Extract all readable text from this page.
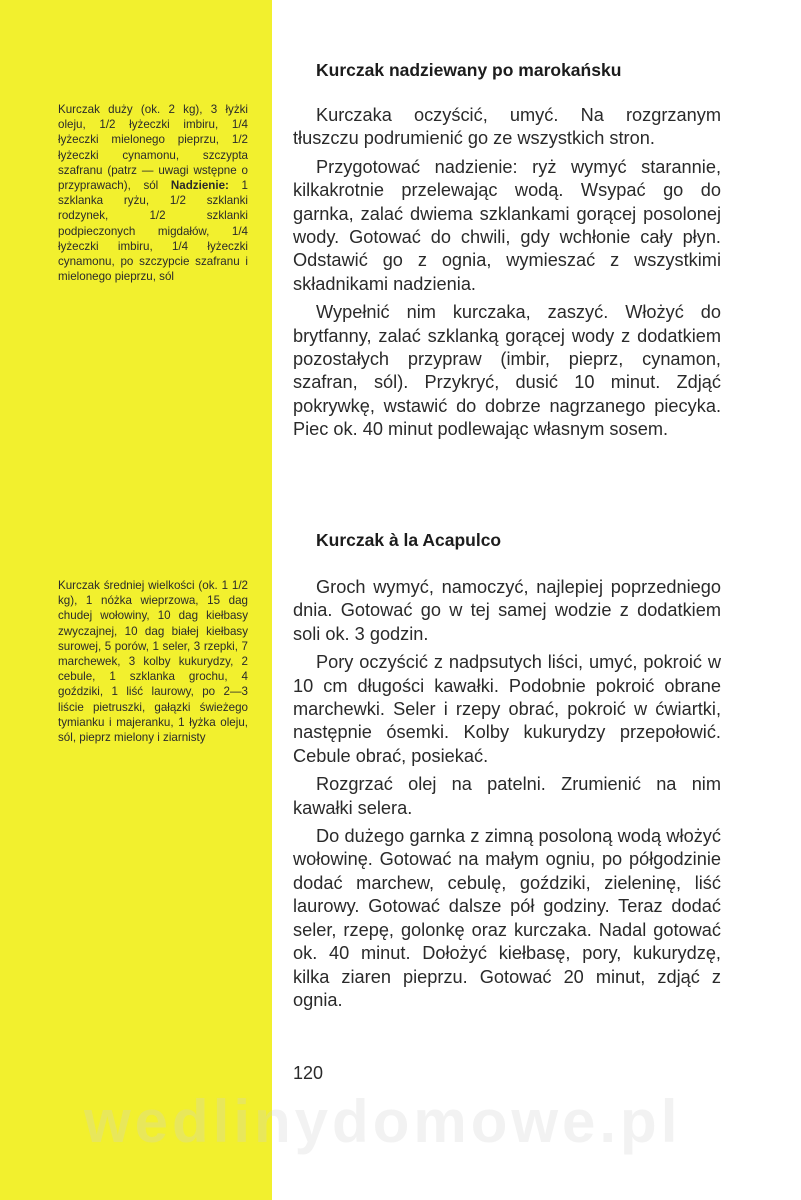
Kurczak duży (ok. 2 kg), 3 łyżki oleju, 1/2 łyżeczki imbiru, 1/4 łyżeczki mielonego pieprzu, 1/2 łyżeczki cynamonu, szczypta szafranu (patrz — uwagi wstępne o przyprawach), sól Nadzienie: 1 szklanka ryżu, 1/2 szklanki rodzynek, 1/2 szklanki podpieczonych migdałów, 1/4 łyżeczki imbiru, 1/4 łyżeczki cynamonu, po szczypcie szafranu i mielonego pieprzu, sól
Kurczak średniej wielkości (ok. 1 1/2 kg), 1 nóżka wieprzowa, 15 dag chudej wołowiny, 10 dag kiełbasy zwyczajnej, 10 dag białej kiełbasy surowej, 5 porów, 1 seler, 3 rzepki, 7 marchewek, 3 kolby kukurydzy, 2 cebule, 1 szklanka grochu, 4 goździki, 1 liść laurowy, po 2—3 liście pietruszki, gałązki świeżego tymianku i majeranku, 1 łyżka oleju, sól, pieprz mielony i ziarnisty
Kurczak nadziewany po marokańsku

Kurczaka oczyścić, umyć. Na rozgrzanym tłuszczu podrumienić go ze wszystkich stron.

Przygotować nadzienie: ryż wymyć starannie, kilkakrotnie przelewając wodą. Wsypać go do garnka, zalać dwiema szklankami gorącej posolonej wody. Gotować do chwili, gdy wchłonie cały płyn. Odstawić go z ognia, wymieszać z wszystkimi składnikami nadzienia.

Wypełnić nim kurczaka, zaszyć. Włożyć do brytfanny, zalać szklanką gorącej wody z dodatkiem pozostałych przypraw (imbir, pieprz, cynamon, szafran, sól). Przykryć, dusić 10 minut. Zdjąć pokrywkę, wstawić do dobrze nagrzanego piecyka. Piec ok. 40 minut podlewając własnym sosem.

Kurczak à la Acapulco

Groch wymyć, namoczyć, najlepiej poprzedniego dnia. Gotować go w tej samej wodzie z dodatkiem soli ok. 3 godzin.

Pory oczyścić z nadpsutych liści, umyć, pokroić w 10 cm długości kawałki. Podobnie pokroić obrane marchewki. Seler i rzepy obrać, pokroić w ćwiartki, następnie ósemki. Kolby kukurydzy przepołowić. Cebule obrać, posiekać.

Rozgrzać olej na patelni. Zrumienić na nim kawałki selera.

Do dużego garnka z zimną posoloną wodą włożyć wołowinę. Gotować na małym ogniu, po półgodzinie dodać marchew, cebulę, goździki, zieleninę, liść laurowy. Gotować dalsze pół godziny. Teraz dodać seler, rzepę, golonkę oraz kurczaka. Nadal gotować ok. 40 minut. Dołożyć kiełbasę, pory, kukurydzę, kilka ziaren pieprzu. Gotować 20 minut, zdjąć z ognia.

120
wedlinydomowe.pl
